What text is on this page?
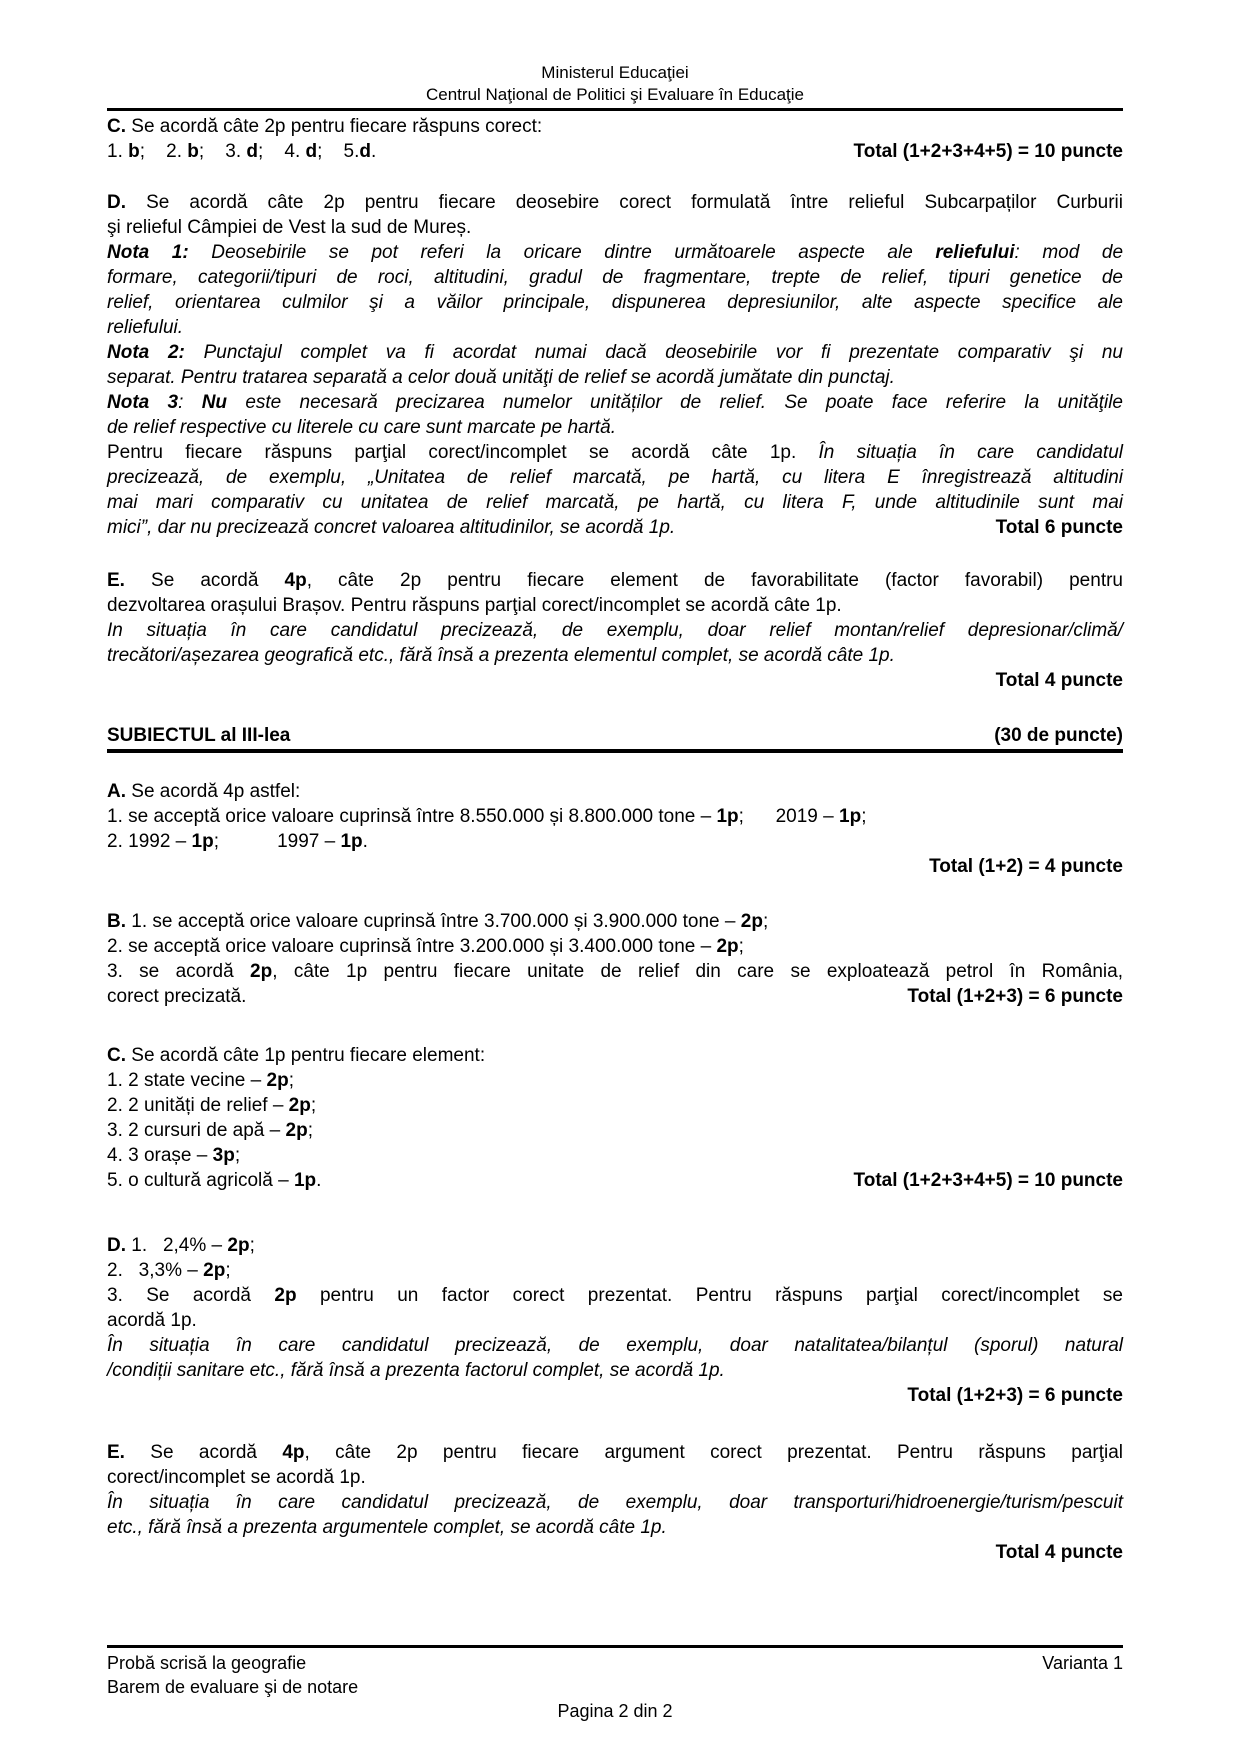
Ministerul Educaţiei
Centrul Naţional de Politici şi Evaluare în Educaţie
C. Se acordă câte 2p pentru fiecare răspuns corect:
1. b;    2. b;    3. d;    4. d;    5.d.	Total (1+2+3+4+5) = 10 puncte
D. Se acordă câte 2p pentru fiecare deosebire corect formulată între relieful Subcarpaților Curburii
şi relieful Câmpiei de Vest la sud de Mureș.
Nota 1: Deosebirile se pot referi la oricare dintre următoarele aspecte ale reliefului: mod de
formare, categorii/tipuri de roci, altitudini, gradul de fragmentare, trepte de relief, tipuri genetice de
relief, orientarea culmilor şi a văilor principale, dispunerea depresiunilor, alte aspecte specifice ale
reliefului.
Nota 2: Punctajul complet va fi acordat numai dacă deosebirile vor fi prezentate comparativ şi nu
separat. Pentru tratarea separată a celor două unităţi de relief se acordă jumătate din punctaj.
Nota 3: Nu este necesară precizarea numelor unităților de relief. Se poate face referire la unităţile
de relief respective cu literele cu care sunt marcate pe hartă.
Pentru fiecare răspuns parţial corect/incomplet se acordă câte 1p. În situația în care candidatul
precizează, de exemplu, „Unitatea de relief marcată, pe hartă, cu litera E înregistrează altitudini
mai mari comparativ cu unitatea de relief marcată, pe hartă, cu litera F, unde altitudinile sunt mai
mici”, dar nu precizează concret valoarea altitudinilor, se acordă 1p.	Total 6 puncte
E. Se acordă 4p, câte 2p pentru fiecare element de favorabilitate (factor favorabil) pentru
dezvoltarea orașului Brașov. Pentru răspuns parţial corect/incomplet se acordă câte 1p.
In situația în care candidatul precizează, de exemplu, doar relief montan/relief depresionar/climă/
trecători/așezarea geografică etc., fără însă a prezenta elementul complet, se acordă câte 1p.
Total 4 puncte
SUBIECTUL al III-lea	(30 de puncte)
A. Se acordă 4p astfel:
1. se acceptă orice valoare cuprinsă între 8.550.000 și 8.800.000 tone – 1p;      2019 – 1p;
2. 1992 – 1p;           1997 – 1p.
Total (1+2) = 4 puncte
B. 1. se acceptă orice valoare cuprinsă între 3.700.000 și 3.900.000 tone – 2p;
2. se acceptă orice valoare cuprinsă între 3.200.000 și 3.400.000 tone – 2p;
3. se acordă 2p, câte 1p pentru fiecare unitate de relief din care se exploatează petrol în România,
corect precizată.	Total (1+2+3) = 6 puncte
C. Se acordă câte 1p pentru fiecare element:
1. 2 state vecine – 2p;
2. 2 unități de relief – 2p;
3. 2 cursuri de apă – 2p;
4. 3 orașe – 3p;
5. o cultură agricolă – 1p.	Total (1+2+3+4+5) = 10 puncte
D. 1.   2,4% – 2p;
2.   3,3% – 2p;
3. Se acordă 2p pentru un factor corect prezentat. Pentru răspuns parţial corect/incomplet se
acordă 1p.
În situația în care candidatul precizează, de exemplu, doar natalitatea/bilanțul (sporul) natural
/condiții sanitare etc., fără însă a prezenta factorul complet, se acordă 1p.
Total (1+2+3) = 6 puncte
E. Se acordă 4p, câte 2p pentru fiecare argument corect prezentat. Pentru răspuns parţial
corect/incomplet se acordă 1p.
În situația în care candidatul precizează, de exemplu, doar transporturi/hidroenergie/turism/pescuit
etc., fără însă a prezenta argumentele complet, se acordă câte 1p.
Total 4 puncte
Probă scrisă la geografie	Varianta 1
Barem de evaluare şi de notare
Pagina 2 din 2
